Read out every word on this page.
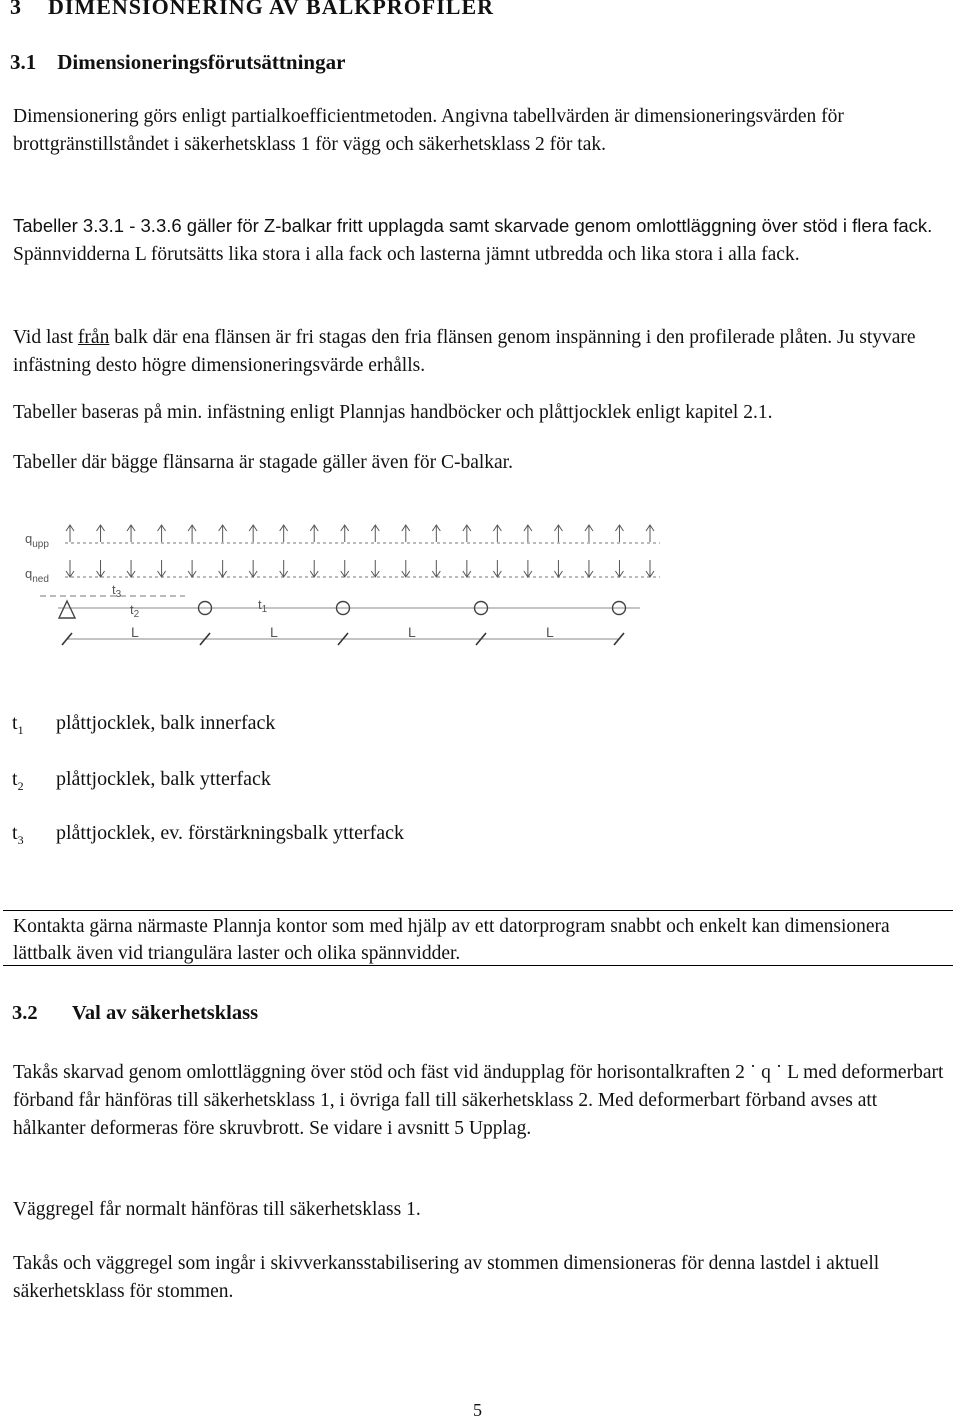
3 DIMENSIONERING AV BALKPROFILER
3.1 Dimensioneringsförutsättningar

Dimensionering görs enligt partialkoefficientmetoden. Angivna tabellvärden är dimensioneringsvärden för brottgränstillståndet i säkerhetsklass 1 för vägg och säkerhetsklass 2 för tak.

Tabeller 3.3.1 - 3.3.6 gäller för Z-balkar fritt upplagda samt skarvade genom omlottläggning över stöd i flera fack. Spännvidderna L förutsätts lika stora i alla fack och lasterna jämnt utbredda och lika stora i alla fack.

Vid last från balk där ena flänsen är fri stagas den fria flänsen genom inspänning i den profilerade plåten. Ju styvare infästning desto högre dimensioneringsvärde erhålls.

Tabeller baseras på min. infästning enligt Plannjas handböcker och plåttjocklek enligt kapitel 2.1.

Tabeller där bägge flänsarna är stagade gäller även för C-balkar.

$q_{upp}$
$q_{ned}$
$t_3$
$t_2$
$t_1$
L	L	L	L
$t_1$	plåttjocklek, balk innerfack
$t_2$	plåttjocklek, balk ytterfack
$t_3$	plåttjocklek, ev. förstärkningsbalk ytterfack
Kontakta gärna närmaste Plannja kontor som med hjälp av ett datorprogram snabbt och enkelt kan dimensionera lättbalk även vid triangulära laster och olika spännvidder.
3.2 Val av säkerhetsklass

Takås skarvad genom omlottläggning över stöd och fäst vid ändupplag för horisontalkraften 2 ˙ q ˙ L med deformerbart förband får hänföras till säkerhetsklass 1, i övriga fall till säkerhetsklass 2. Med deformerbart förband avses att hålkanter deformeras före skruvbrott. Se vidare i avsnitt 5 Upplag.

Väggregel får normalt hänföras till säkerhetsklass 1.

Takås och väggregel som ingår i skivverkansstabilisering av stommen dimensioneras för denna lastdel i aktuell säkerhetsklass för stommen.

5
